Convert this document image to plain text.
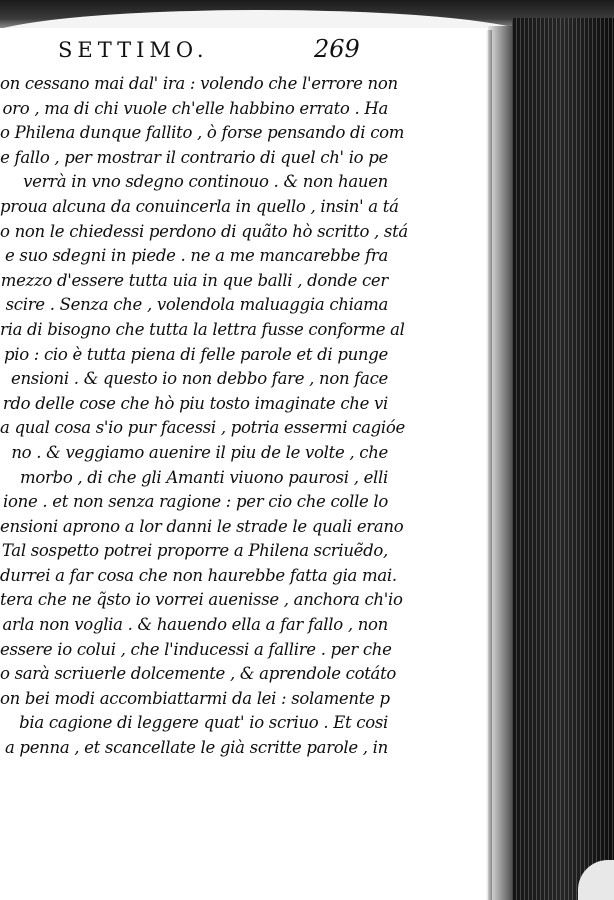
SETTIMO.	269
on cessano mai dal' ira : volendo che l'errore non
oro , ma di chi vuole ch'elle habbino errato . Ha
o Philena dunque fallito , ò forse pensando di com
e fallo , per mostrar il contrario di quel ch' io pe
verrà in vno sdegno continouo . & non hauen
proua alcuna da conuincerla in quello , insin' a tá
o non le chiedessi perdono di quãto hò scritto , stá
e suo sdegni in piede . ne a me mancarebbe fra
mezzo d'essere tutta uia in que balli , donde cer
scire . Senza che , volendola maluaggia chiama
ria di bisogno che tutta la lettra fusse conforme al
pio : cio è tutta piena di felle parole et di punge
ensioni . & questo io non debbo fare , non face
rdo delle cose che hò piu tosto imaginate che vi
a qual cosa s'io pur facessi , potria essermi cagióe
no . & veggiamo auenire il piu de le volte , che
morbo , di che gli Amanti viuono paurosi , elli
ione . et non senza ragione : per cio che colle lo
ensioni aprono a lor danni le strade le quali erano
Tal sospetto potrei proporre a Philena scriuẽdo,
durrei a far cosa che non haurebbe fatta gia mai.
tera che ne q̃sto io vorrei auenisse , anchora ch'io
arla non voglia . & hauendo ella a far fallo , non
essere io colui , che l'inducessi a fallire . per che
o sarà scriuerle dolcemente , & aprendole cotáto
on bei modi accombiattarmi da lei : solamente p
bia cagione di leggere quat' io scriuo . Et cosi
a penna , et scancellate le già scritte parole , in
